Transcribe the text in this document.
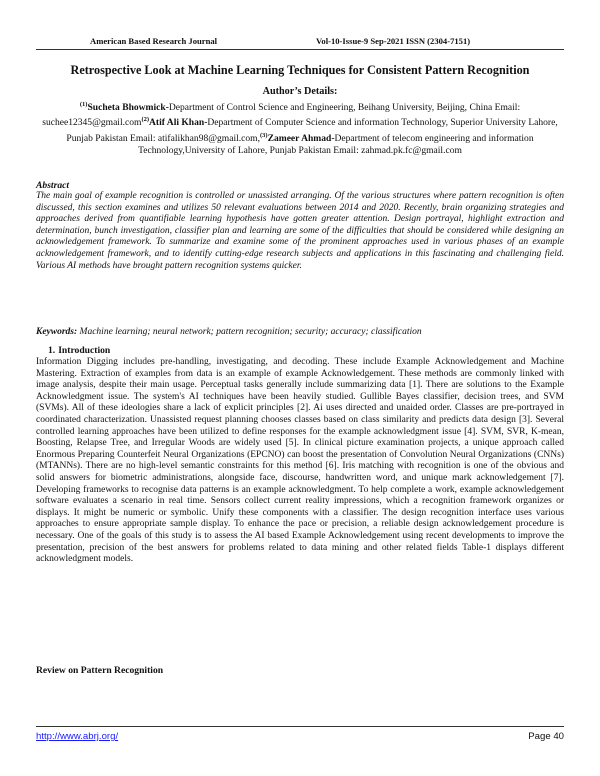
American Based Research Journal	Vol-10-Issue-9 Sep-2021 ISSN (2304-7151)
Retrospective Look at Machine Learning Techniques for Consistent Pattern Recognition
Author’s Details:
$^{(1)}$Sucheta Bhowmick-Department of Control Science and Engineering, Beihang University, Beijing, China Email: suchee12345@gmail.com$^{(2)}$Atif Ali Khan-Department of Computer Science and information Technology, Superior University Lahore, Punjab Pakistan Email: atifalikhan98@gmail.com,$^{(3)}$Zameer Ahmad-Department of telecom engineering and information Technology,University of Lahore, Punjab Pakistan Email: zahmad.pk.fc@gmail.com
Abstract

The main goal of example recognition is controlled or unassisted arranging. Of the various structures where pattern recognition is often discussed, this section examines and utilizes 50 relevant evaluations between 2014 and 2020. Recently, brain organizing strategies and approaches derived from quantifiable learning hypothesis have gotten greater attention. Design portrayal, highlight extraction and determination, bunch investigation, classifier plan and learning are some of the difficulties that should be considered while designing an acknowledgement framework. To summarize and examine some of the prominent approaches used in various phases of an example acknowledgement framework, and to identify cutting-edge research subjects and applications in this fascinating and challenging field. Various AI methods have brought pattern recognition systems quicker.

Keywords: Machine learning; neural network; pattern recognition; security; accuracy; classification
1. Introduction

Information Digging includes pre-handling, investigating, and decoding. These include Example Acknowledgement and Machine Mastering. Extraction of examples from data is an example of example Acknowledgement. These methods are commonly linked with image analysis, despite their main usage. Perceptual tasks generally include summarizing data [1]. There are solutions to the Example Acknowledgment issue. The system's AI techniques have been heavily studied. Gullible Bayes classifier, decision trees, and SVM (SVMs). All of these ideologies share a lack of explicit principles [2]. Ai uses directed and unaided order. Classes are pre-portrayed in coordinated characterization. Unassisted request planning chooses classes based on class similarity and predicts data design [3]. Several controlled learning approaches have been utilized to define responses for the example acknowledgment issue [4]. SVM, SVR, K-mean, Boosting, Relapse Tree, and Irregular Woods are widely used [5]. In clinical picture examination projects, a unique approach called Enormous Preparing Counterfeit Neural Organizations (EPCNO) can boost the presentation of Convolution Neural Organizations (CNNs) (MTANNs). There are no high-level semantic constraints for this method [6]. Iris matching with recognition is one of the obvious and solid answers for biometric administrations, alongside face, discourse, handwritten word, and unique mark acknowledgement [7]. Developing frameworks to recognise data patterns is an example acknowledgment. To help complete a work, example acknowledgement software evaluates a scenario in real time. Sensors collect current reality impressions, which a recognition framework organizes or displays. It might be numeric or symbolic. Unify these components with a classifier. The design recognition interface uses various approaches to ensure appropriate sample display. To enhance the pace or precision, a reliable design acknowledgement procedure is necessary. One of the goals of this study is to assess the AI based Example Acknowledgement using recent developments to improve the presentation, precision of the best answers for problems related to data mining and other related fields Table-1 displays different acknowledgment models.

Review on Pattern Recognition
http://www.abrj.org/	Page 40
